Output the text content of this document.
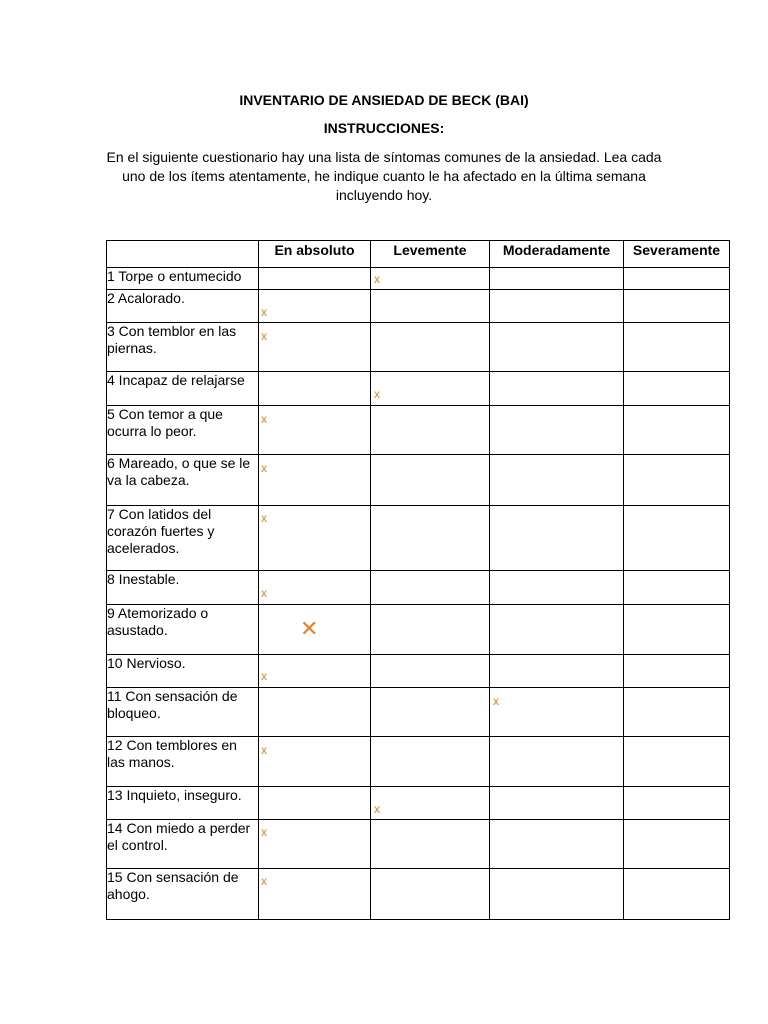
INVENTARIO DE ANSIEDAD DE BECK (BAI)
INSTRUCCIONES:
En el siguiente cuestionario hay una lista de síntomas comunes de la ansiedad. Lea cada uno de los ítems atentamente, he indique cuanto le ha afectado en la última semana incluyendo hoy.
	En absoluto	Levemente	Moderadamente	Severamente
1 Torpe o entumecido		x		

2 Acalorado.	x			

3 Con temblor en las piernas.	x			

4 Incapaz de relajarse		x		

5 Con temor a que ocurra lo peor.	x			

6 Mareado, o que se le va la cabeza.	x			

7 Con latidos del corazón fuertes y acelerados.	x			

8 Inestable.	x			

9 Atemorizado o asustado.	✕			

10 Nervioso.	x			

11 Con sensación de bloqueo.			x	

12 Con temblores en las manos.	x			

13 Inquieto, inseguro.		x		

14 Con miedo a perder el control.	x			

15 Con sensación de ahogo.	x			
